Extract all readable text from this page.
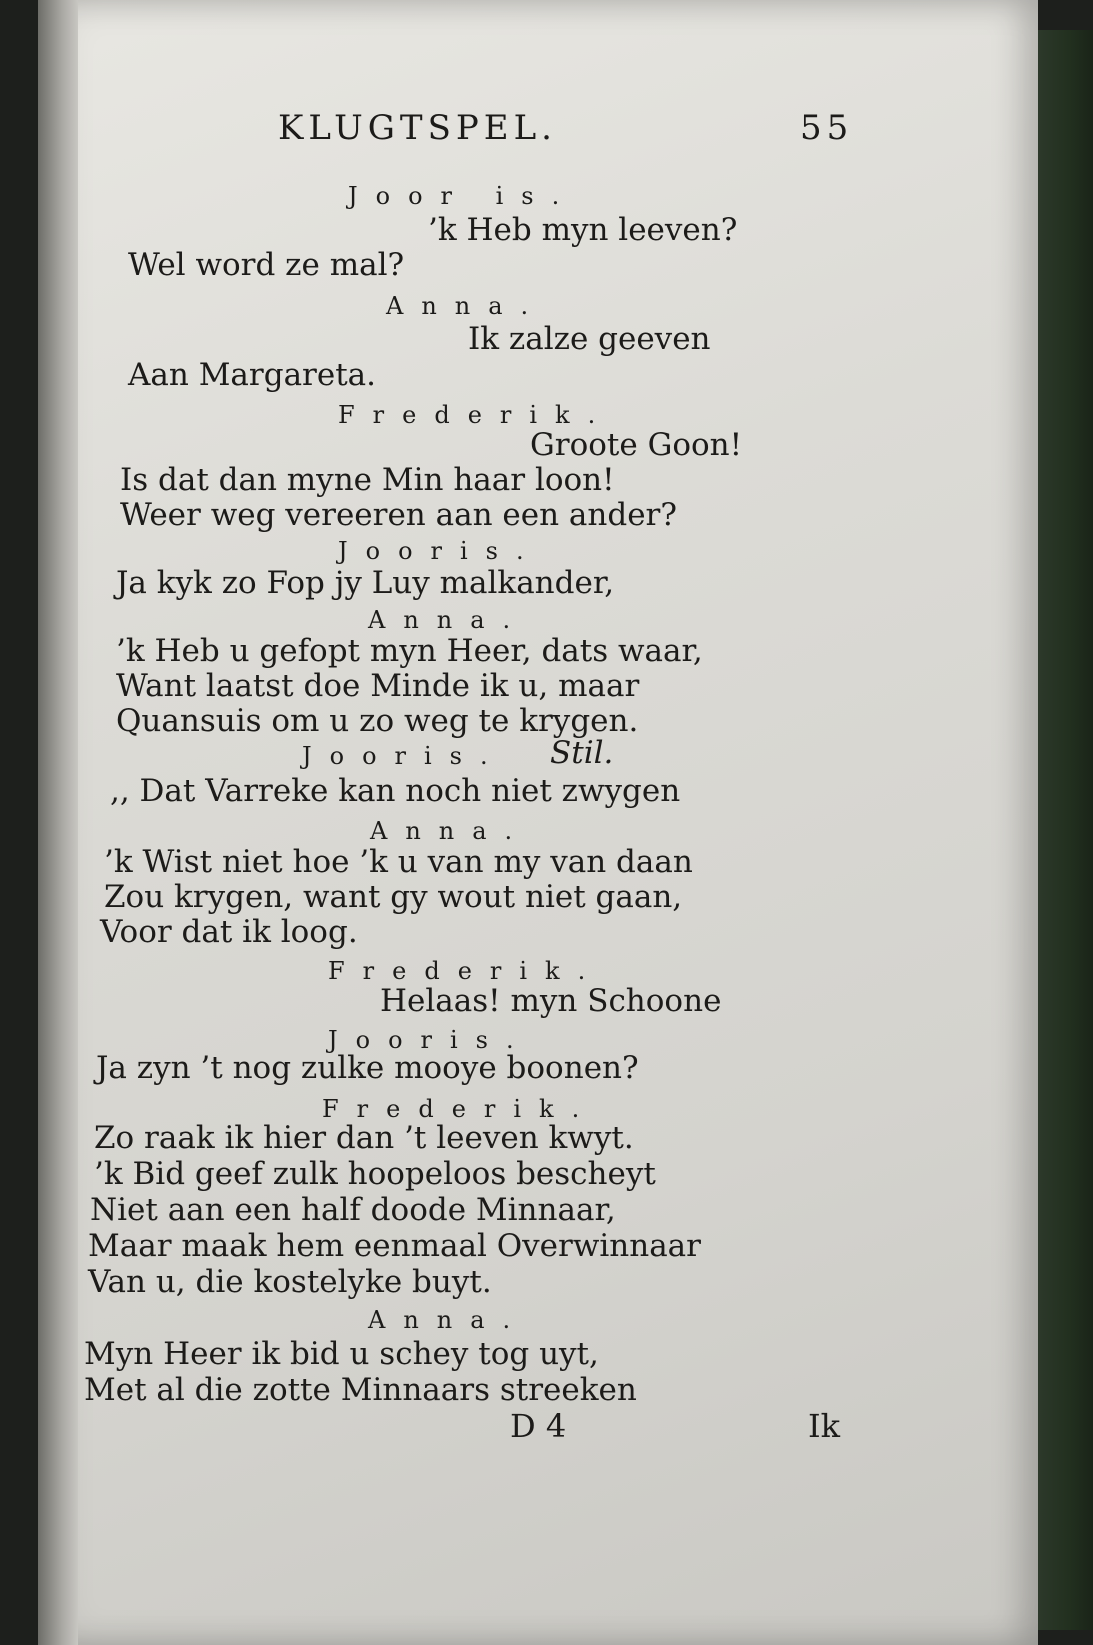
KLUGTSPEL.	55
Joor is.
’k Heb myn leeven?
Wel word ze mal?
Anna.
Ik zalze geeven
Aan Margareta.
Frederik.
Groote Goon!
Is dat dan myne Min haar loon!
Weer weg vereeren aan een ander?
Jooris.
Ja kyk zo Fop jy Luy malkander,
Anna.
’k Heb u gefopt myn Heer, dats waar,
Want laatst doe Minde ik u, maar
Quansuis om u zo weg te krygen.
Jooris. Stil.
,, Dat Varreke kan noch niet zwygen
Anna.
’k Wist niet hoe ’k u van my van daan
Zou krygen, want gy wout niet gaan,
Voor dat ik loog.
Frederik.
Helaas! myn Schoone
Jooris.
Ja zyn ’t nog zulke mooye boonen?
Frederik.
Zo raak ik hier dan ’t leeven kwyt.
’k Bid geef zulk hoopeloos bescheyt
Niet aan een half doode Minnaar,
Maar maak hem eenmaal Overwinnaar
Van u, die kostelyke buyt.
Anna.
Myn Heer ik bid u schey tog uyt,
Met al die zotte Minnaars streeken
D 4	Ik
